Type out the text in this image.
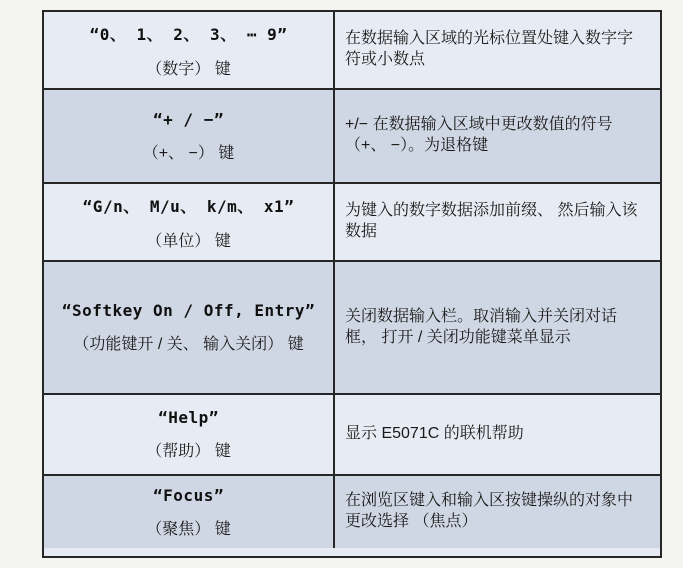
“0、 1、 2、 3、 ⋯ 9”
（数字） 键
在数据输入区域的光标位置处键入数字字符或小数点
“+ / −”
（+、 −） 键
+/− 在数据输入区域中更改数值的符号 （+、 −）。为退格键
“G/n、 M/u、 k/m、 x1”
（单位） 键
为键入的数字数据添加前缀、 然后输入该数据
“Softkey On / Off, Entry”
（功能键开 / 关、 输入关闭） 键
关闭数据输入栏。取消输入并关闭对话框， 打开 / 关闭功能键菜单显示
“Help”
（帮助） 键
显示 E5071C 的联机帮助
“Focus”
（聚焦） 键
在浏览区键入和输入区按键操纵的对象中更改选择 （焦点）
